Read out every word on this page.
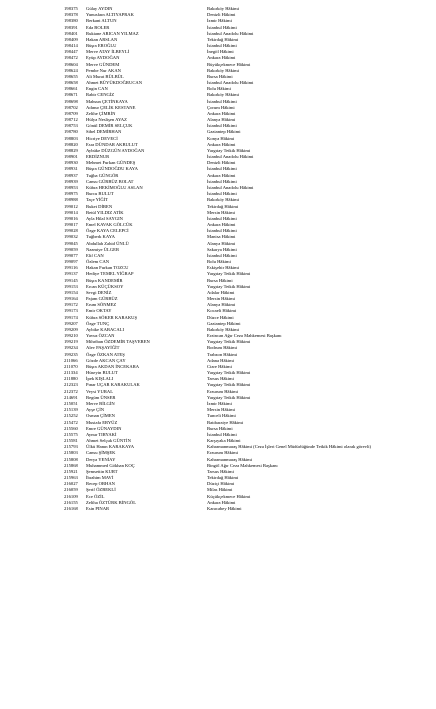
198375 Gülay AYDIN	Bakırköy Hâkimi
198378 Yunusfaın ALTIYAPRAK	Denizli Hâkimi
198380 Berkant ALTUN	İzmir Hâkimi
198391 Eda BOLER	İstanbul Hâkimi
198401 Rukiane ARICAN YILMAZ	İstanbul Anadolu Hâkimi
198409 Hakan ARSLAN	Tekirdağ Hâkimi
198414 Büşra EROĞLU	İstanbul Hâkimi
198447 Merve ATAY İLBEYLİ	İnegöl Hâkimi
198472 Eyüp AYDOĞAN	Ankara Hâkimi
198604 Merve GÜNDEM	Büyükçekmece Hâkimi
198624 Pembe Nur AKAN	Bakırköy Hâkimi
198655 Ali Murat BÜLBÜL	Bursa Hâkimi
198658 Ahmet BÜYÜKDOĞRUCAN	İstanbul Anadolu Hâkimi
198661 Engin CAN	Bolu Hâkimi
198671 Rabir CENGİZ	Bakırköy Hâkimi
198698 Mahsun ÇETİNKAYA	İstanbul Hâkimi
198702 Adınur ÇELİK KESTANE	Çorum Hâkimi
198709 Zelihe ÇİMRİN	Ankara Hâkimi
198712 Hülya Neslişen AYAZ	Alanya Hâkimi
198753 Gönül DEMİR SELÇUK	İstanbul Hâkimi
198780 Sibel DEMİRHAN	Gaziantep Hâkimi
198803 Hicriye DEVECİ	Konya Hâkimi
198820 Esra DÜNDAR AKBULUT	Ankara Hâkimi
198829 Aybüke DÜZGÜN AYDOĞAN	Yargıtay Tetkik Hâkimi
198901 ERDİZNUR	İstanbul Anadolu Hâkimi
198930 Mehmet Furkan GÜNDEŞ	Denizli Hâkimi
198931 Büşra GÜNDOĞDU KAYA	İstanbul Hâkimi
198937 Tuğba GÜNGÖR	Ankara Hâkimi
198939 Cansu GÜRBÜZ BOLAT	İstanbul Hâkimi
198953 Kübra HEKİMOĞLU ASLAN	İstanbul Anadolu Hâkimi
198975 Burcu BULUT	İstanbul Hâkimi
198988 Taçe YİĞİT	Bakırköy Hâkimi
199012 Buket DİREN	Tekirdağ Hâkimi
199014 Betül YILDIZ ATİK	Mersin Hâkimi
199016 Ayla Hilal SAYGIN	İstanbul Hâkimi
199017 Emel KAVAK GÖLCÜK	Ankara Hâkimi
199028 Özge KAYA CELEPCİ	İstanbul Hâkimi
199032 Tuğberk KAYA	Manisa Hâkimi
199045 Abdullah Zahid ÜNLÜ	Alanya Hâkimi
199059 Nazmiye ÜLGER	Sakarya Hâkimi
199077 Elif CAN	İstanbul Hâkimi
199097 Özlem CAN	Bolu Hâkimi
199116 Hakan Furkan TOZCU	Eskişehir Hâkimi
199137 Hediye TEMEL YİĞRAP	Yargıtay Tetkik Hâkimi
199145 Büşra KANDEMİR	Bursa Hâkimi
199153 Ercan KÜÇÜKSOY	Yargıtay Tetkik Hâkimi
199154 Sevgi DENİZ	Adalar Hâkimi
199164 Pajam GÜRBÜZ	Mersin Hâkimi
199172 Erum SÖNMEZ	Alanya Hâkimi
199173 Emir OKTAY	Kocaeli Hâkimi
199174 Kübra SÖKER KARAKUŞ	Düzce Hâkimi
199207 Özge TUNÇ	Gaziantep Hâkimi
199209 Aybike KABACALI	Bakırköy Hâkimi
199210 Yavuz ÖZCAN	Erzincan Ağır Ceza Mahkemesi Başkanı
199219 Mihriban ÖZDEMİR TAŞVEREN	Yargıtay Tetkik Hâkimi
199234 Alev PAŞAYİĞİT	Bodrum Hâkimi
199235 Özge ÖZKAN ATEŞ	Trabzon Hâkimi
211066 Gözde AKCAN ÇAY	Adana Hâkimi
211070 Büşra AKDAN İNCEKARA	Cizre Hâkimi
211334 Hüseyin BULUT	Yargıtay Tetkik Hâkimi
211880 İpek KIŞLALI	Tarsus Hâkimi
212323 Pınar UÇAR KARAKULAK	Yargıtay Tetkik Hâkimi
212372 Veysi YURAL	Erzurum Hâkimi
214691 Begüm ÜNSER	Yargıtay Tetkik Hâkimi
215051 Merve BİLGİN	İzmir Hâkimi
215139 Ayşe ÇİN	Mersin Hâkimi
215252 Osman ÇİMEN	Tunceli Hâkimi
215472 Mustafa ERYÜZ	Batıbaraiye Hâkimi
215560 Emre GÜNAYDIN	Bursa Hâkimi
215575 Aynur TIRYAKİ	İstanbul Hâkimi
215581 Ahmet Selçuk GÜNTİN	Karşıyaka Hâkimi
215793 Ülkü Hanın KARAKAYA	Kahramanmaraş Hâkimi (Ceza İşleri Genel Müdürlüğünde Tetkik Hâkimi olarak görevli)
215803 Cansu ŞİMŞEK	Erzurum Hâkimi
215808 Derya YENİAY	Kahramanmaraş Hâkimi
215868 Muhammed Gökhan KOÇ	Bingöl Ağır Ceza Mahkemesi Başkanı
215921 Şemsettin KURT	Tarsus Hâkimi
215963 İbrahim MAVİ	Tekirdağ Hâkimi
216027 Recep ORHAN	Düziçi Hâkimi
216059 Şerif ÖZBEKLİ	Milas Hâkimi
216109 Ece ÖZİL	Küçükçekmece Hâkimi
216155 Zeliha ÖZTÜRK BİNGÖL	Ankara Hâkimi
216168 Esin PINAR	Karacabey Hâkimi
